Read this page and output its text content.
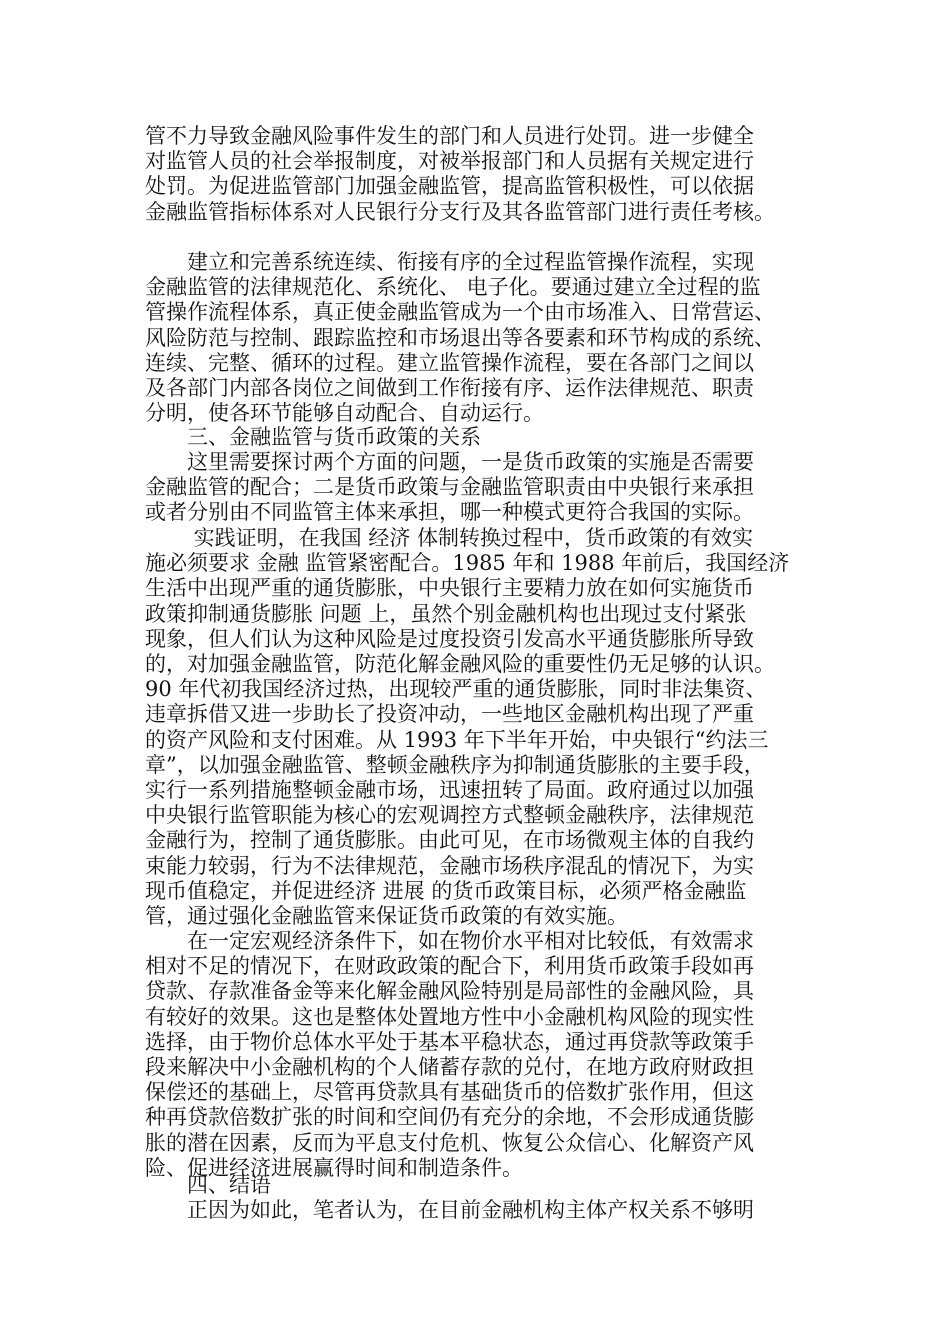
管不力导致金融风险事件发生的部门和人员进行处罚。进一步健全
对监管人员的社会举报制度，对被举报部门和人员据有关规定进行
处罚。为促进监管部门加强金融监管，提高监管积极性，可以依据
金融监管指标体系对人民银行分支行及其各监管部门进行责任考核。

　　建立和完善系统连续、衔接有序的全过程监管操作流程，实现
金融监管的法律规范化、系统化、 电子化。要通过建立全过程的监
管操作流程体系，真正使金融监管成为一个由市场准入、日常营运、
风险防范与控制、跟踪监控和市场退出等各要素和环节构成的系统、
连续、完整、循环的过程。建立监管操作流程，要在各部门之间以
及各部门内部各岗位之间做到工作衔接有序、运作法律规范、职责
分明，使各环节能够自动配合、自动运行。

三、金融监管与货币政策的关系

　　这里需要探讨两个方面的问题，一是货币政策的实施是否需要
金融监管的配合；二是货币政策与金融监管职责由中央银行来承担
或者分别由不同监管主体来承担，哪一种模式更符合我国的实际。

　　 实践证明，在我国 经济 体制转换过程中，货币政策的有效实
施必须要求 金融 监管紧密配合。1985 年和 1988 年前后，我国经济
生活中出现严重的通货膨胀，中央银行主要精力放在如何实施货币
政策抑制通货膨胀 问题 上，虽然个别金融机构也出现过支付紧张
现象，但人们认为这种风险是过度投资引发高水平通货膨胀所导致
的，对加强金融监管，防范化解金融风险的重要性仍无足够的认识。
90 年代初我国经济过热，出现较严重的通货膨胀，同时非法集资、
违章拆借又进一步助长了投资冲动，一些地区金融机构出现了严重
的资产风险和支付困难。从 1993 年下半年开始，中央银行“约法三
章”，以加强金融监管、整顿金融秩序为抑制通货膨胀的主要手段，
实行一系列措施整顿金融市场，迅速扭转了局面。政府通过以加强
中央银行监管职能为核心的宏观调控方式整顿金融秩序，法律规范
金融行为，控制了通货膨胀。由此可见，在市场微观主体的自我约
束能力较弱，行为不法律规范，金融市场秩序混乱的情况下，为实
现币值稳定，并促进经济 进展 的货币政策目标，必须严格金融监
管，通过强化金融监管来保证货币政策的有效实施。

　　在一定宏观经济条件下，如在物价水平相对比较低，有效需求
相对不足的情况下，在财政政策的配合下，利用货币政策手段如再
贷款、存款准备金等来化解金融风险特别是局部性的金融风险，具
有较好的效果。这也是整体处置地方性中小金融机构风险的现实性
选择，由于物价总体水平处于基本平稳状态，通过再贷款等政策手
段来解决中小金融机构的个人储蓄存款的兑付，在地方政府财政担
保偿还的基础上，尽管再贷款具有基础货币的倍数扩张作用，但这
种再贷款倍数扩张的时间和空间仍有充分的余地，不会形成通货膨
胀的潜在因素，反而为平息支付危机、恢复公众信心、化解资产风
险、促进经济进展赢得时间和制造条件。

四、结语

　　正因为如此，笔者认为，在目前金融机构主体产权关系不够明
